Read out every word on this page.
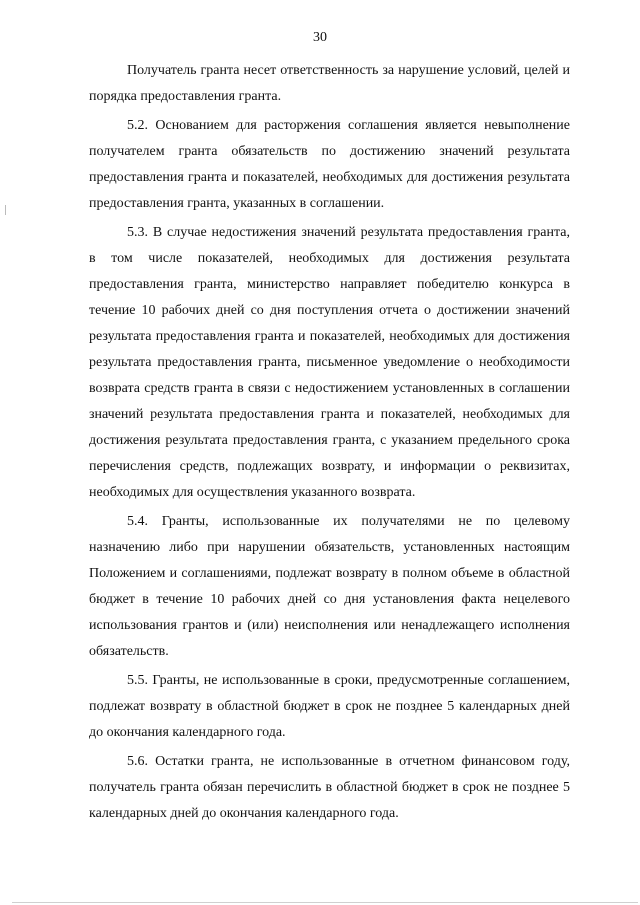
30

Получатель гранта несет ответственность за нарушение условий, целей и порядка предоставления гранта.

5.2. Основанием для расторжения соглашения является невыполнение получателем гранта обязательств по достижению значений результата предоставления гранта и показателей, необходимых для достижения результата предоставления гранта, указанных в соглашении.

5.3. В случае недостижения значений результата предоставления гранта, в том числе показателей, необходимых для достижения результата предоставления гранта, министерство направляет победителю конкурса в течение 10 рабочих дней со дня поступления отчета о достижении значений результата предоставления гранта и показателей, необходимых для достижения результата предоставления гранта, письменное уведомление о необходимости возврата средств гранта в связи с недостижением установленных в соглашении значений результата предоставления гранта и показателей, необходимых для достижения результата предоставления гранта, с указанием предельного срока перечисления средств, подлежащих возврату, и информации о реквизитах, необходимых для осуществления указанного возврата.

5.4. Гранты, использованные их получателями не по целевому назначению либо при нарушении обязательств, установленных настоящим Положением и соглашениями, подлежат возврату в полном объеме в областной бюджет в течение 10 рабочих дней со дня установления факта нецелевого использования грантов и (или) неисполнения или ненадлежащего исполнения обязательств.

5.5. Гранты, не использованные в сроки, предусмотренные соглашением, подлежат возврату в областной бюджет в срок не позднее 5 календарных дней до окончания календарного года.

5.6. Остатки гранта, не использованные в отчетном финансовом году, получатель гранта обязан перечислить в областной бюджет в срок не позднее 5 календарных дней до окончания календарного года.
